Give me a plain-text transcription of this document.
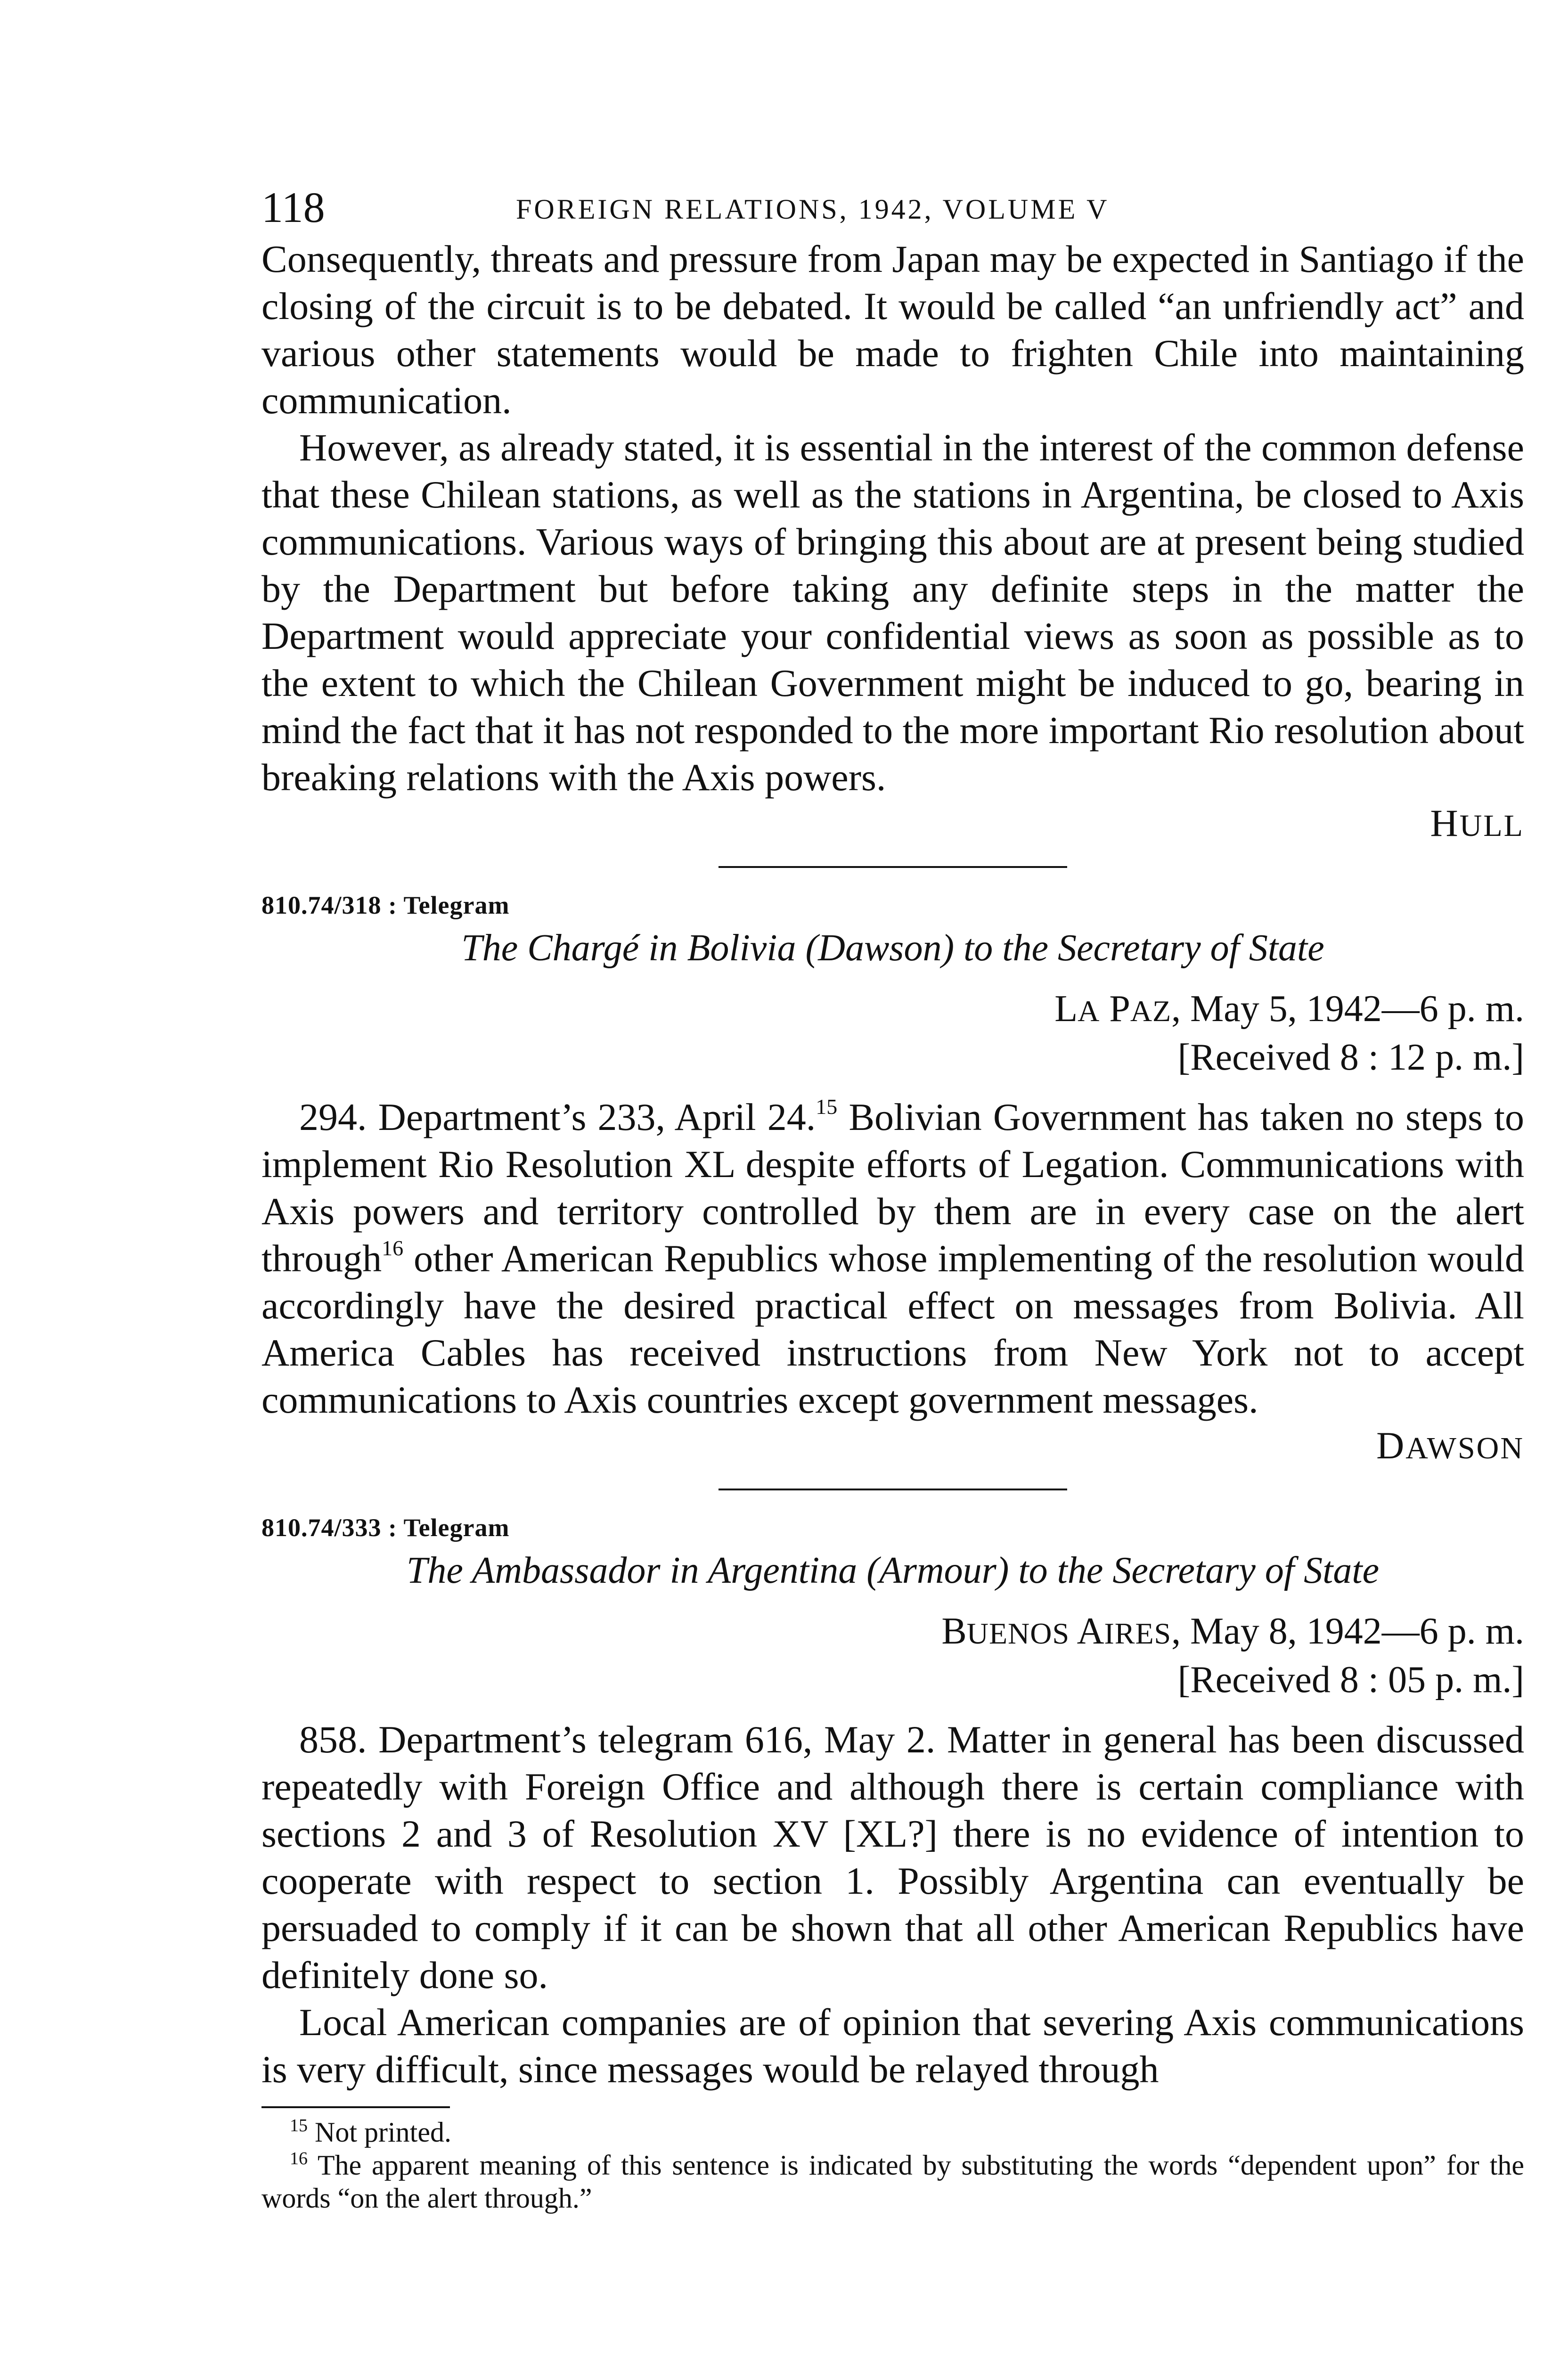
118	FOREIGN RELATIONS, 1942, VOLUME V

Consequently, threats and pressure from Japan may be expected in Santiago if the closing of the circuit is to be debated. It would be called “an unfriendly act” and various other statements would be made to frighten Chile into maintaining communication.

However, as already stated, it is essential in the interest of the common defense that these Chilean stations, as well as the stations in Argentina, be closed to Axis communications. Various ways of bringing this about are at present being studied by the Department but before taking any definite steps in the matter the Department would appreciate your confidential views as soon as possible as to the extent to which the Chilean Government might be induced to go, bearing in mind the fact that it has not responded to the more important Rio resolution about breaking relations with the Axis powers.

HULL

810.74/318 : Telegram

The Chargé in Bolivia (Dawson) to the Secretary of State

LA PAZ, May 5, 1942—6 p. m.

[Received 8 : 12 p. m.]

294. Department’s 233, April 24.15 Bolivian Government has taken no steps to implement Rio Resolution XL despite efforts of Legation. Communications with Axis powers and territory controlled by them are in every case on the alert through$^{16}$ other American Republics whose implementing of the resolution would accordingly have the desired practical effect on messages from Bolivia. All America Cables has received instructions from New York not to accept communications to Axis countries except government messages.

DAWSON

810.74/333 : Telegram

The Ambassador in Argentina (Armour) to the Secretary of State

BUENOS AIRES, May 8, 1942—6 p. m.

[Received 8 : 05 p. m.]

858. Department’s telegram 616, May 2. Matter in general has been discussed repeatedly with Foreign Office and although there is certain compliance with sections 2 and 3 of Resolution XV [XL?] there is no evidence of intention to cooperate with respect to section 1. Possibly Argentina can eventually be persuaded to comply if it can be shown that all other American Republics have definitely done so.

Local American companies are of opinion that severing Axis communications is very difficult, since messages would be relayed through

$^{15}$ Not printed.

$^{16}$ The apparent meaning of this sentence is indicated by substituting the words “dependent upon” for the words “on the alert through.”
